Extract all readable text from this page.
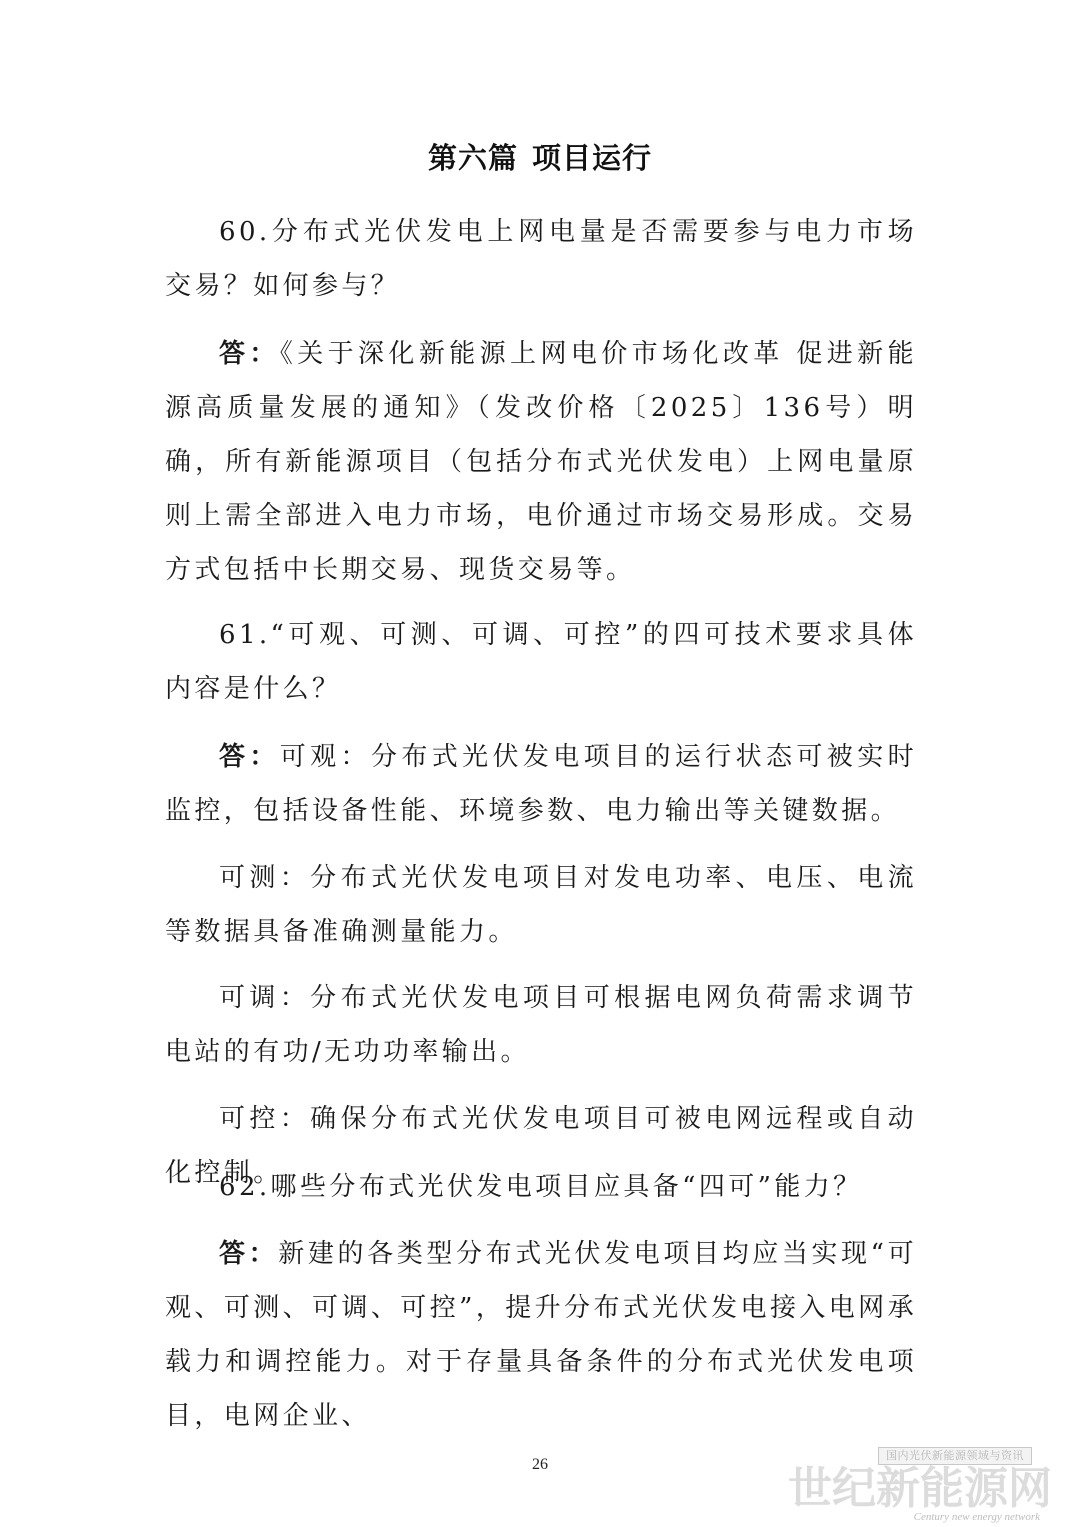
第六篇 项目运行

60.分布式光伏发电上网电量是否需要参与电力市场交易？如何参与？

答：《关于深化新能源上网电价市场化改革 促进新能源高质量发展的通知》（发改价格〔2025〕136号）明确，所有新能源项目（包括分布式光伏发电）上网电量原则上需全部进入电力市场，电价通过市场交易形成。交易方式包括中长期交易、现货交易等。

61.“可观、可测、可调、可控”的四可技术要求具体内容是什么？

答：可观：分布式光伏发电项目的运行状态可被实时监控，包括设备性能、环境参数、电力输出等关键数据。

可测：分布式光伏发电项目对发电功率、电压、电流等数据具备准确测量能力。

可调：分布式光伏发电项目可根据电网负荷需求调节电站的有功/无功功率输出。

可控：确保分布式光伏发电项目可被电网远程或自动化控制。

62.哪些分布式光伏发电项目应具备“四可”能力？

答：新建的各类型分布式光伏发电项目均应当实现“可观、可测、可调、可控”，提升分布式光伏发电接入电网承载力和调控能力。对于存量具备条件的分布式光伏发电项目，电网企业、

26
国内光伏新能源领域与资讯
世纪新能源网
Century new energy network
